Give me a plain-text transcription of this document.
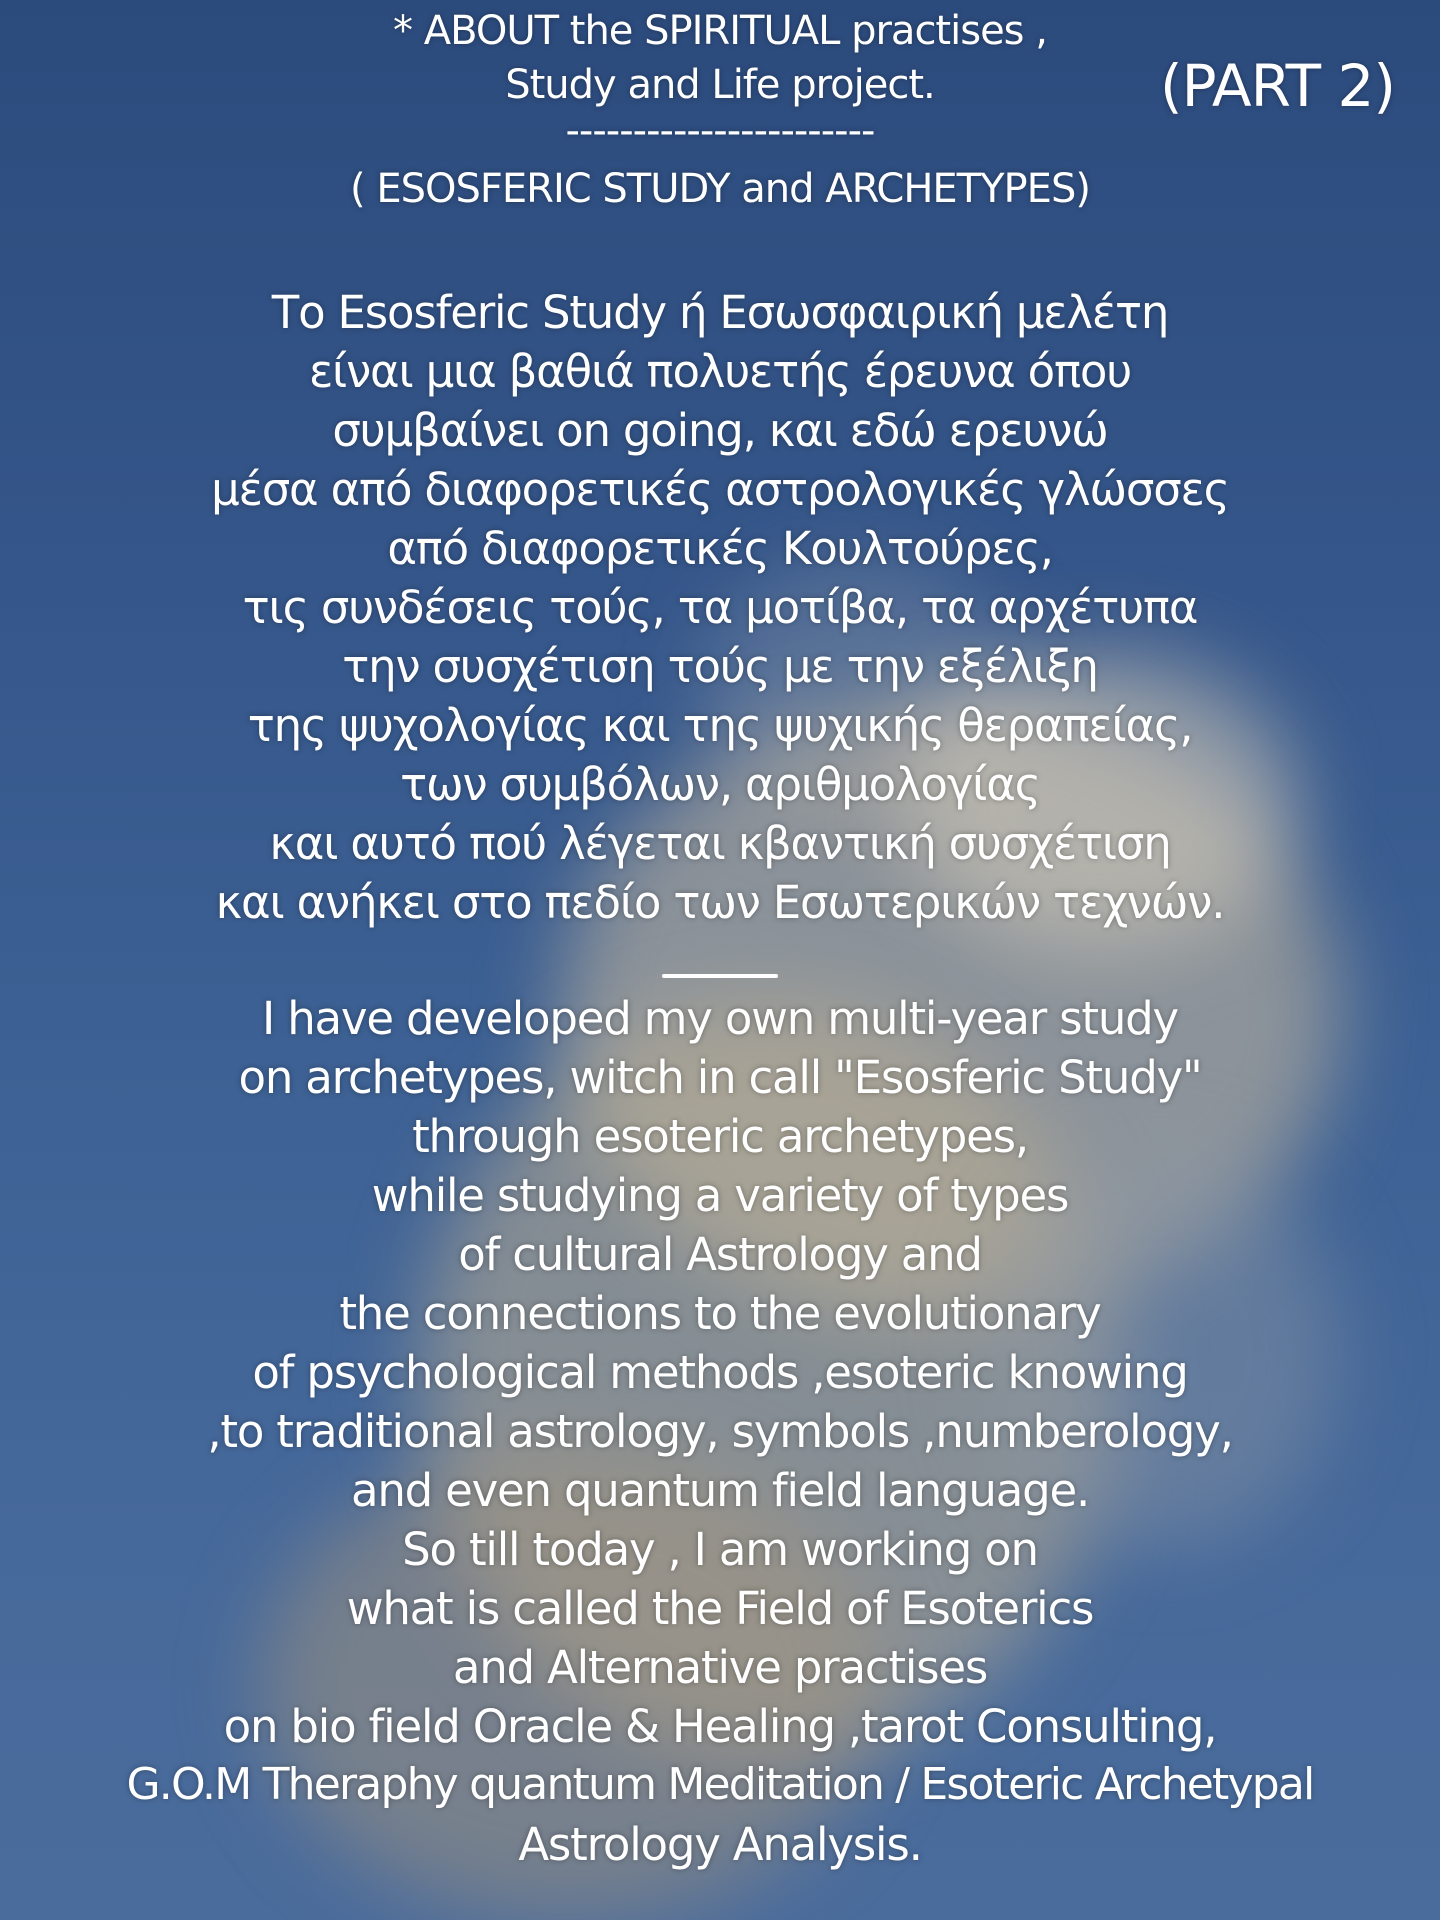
* ABOUT the SPIRITUAL practises ,
Study and Life project.
-----------------------
( ESOSFERIC STUDY and ARCHETYPES)
(PART 2)
Το Esosferic Study ή Εσωσφαιρική μελέτη
είναι μια βαθιά πολυετής έρευνα όπου
συμβαίνει on going, και εδώ ερευνώ
μέσα από διαφορετικές αστρολογικές γλώσσες
από διαφορετικές Κουλτούρες,
τις συνδέσεις τούς, τα μοτίβα, τα αρχέτυπα
την συσχέτιση τούς με την εξέλιξη
της ψυχολογίας και της ψυχικής θεραπείας,
των συμβόλων, αριθμολογίας
και αυτό πού λέγεται κβαντική συσχέτιση
και ανήκει στο πεδίο των Εσωτερικών τεχνών.
I have developed my own multi-year study
on archetypes, witch in call "Esosferic Study"
through esoteric archetypes,
while studying a variety of types
of cultural Astrology and
the connections to the evolutionary
of psychological methods ,esoteric knowing
,to traditional astrology, symbols ,numberology,
and even quantum field language.
So till today , I am working on
what is called the Field of Esoterics
and Alternative practises
on bio field Oracle & Healing ,tarot Consulting,
G.O.M Theraphy quantum Meditation / Esoteric Archetypal
Astrology Analysis.
